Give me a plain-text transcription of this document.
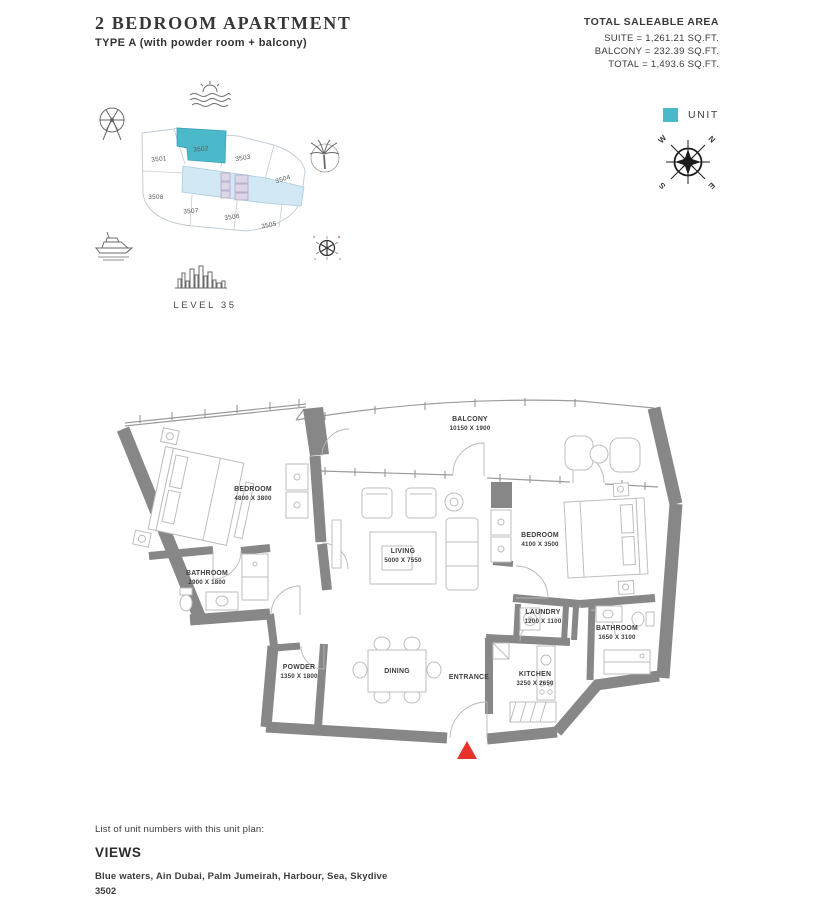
2 BEDROOM APARTMENT
TYPE A (with powder room + balcony)
TOTAL SALEABLE AREA
SUITE = 1,261.21 SQ.FT.
BALCONY = 232.39 SQ.FT.
TOTAL = 1,493.6 SQ.FT.
UNIT
W	N
S	E
3501
3502
3503
3504
3505
3506
3507
3508
LEVEL 35
BEDROOM
4800 X 3800
BATHROOM
2900 X 1800
LIVING
5000 X 7550
BALCONY
10150 X 1900
BEDROOM
4100 X 3500
LAUNDRY
1200 X 1100
BATHROOM
1650 X 3100
POWDER
1350 X 1800
DINING
ENTRANCE	KITCHEN
3250 X 2650
List of unit numbers with this unit plan:
VIEWS
Blue waters, Ain Dubai, Palm Jumeirah, Harbour, Sea, Skydive
3502
